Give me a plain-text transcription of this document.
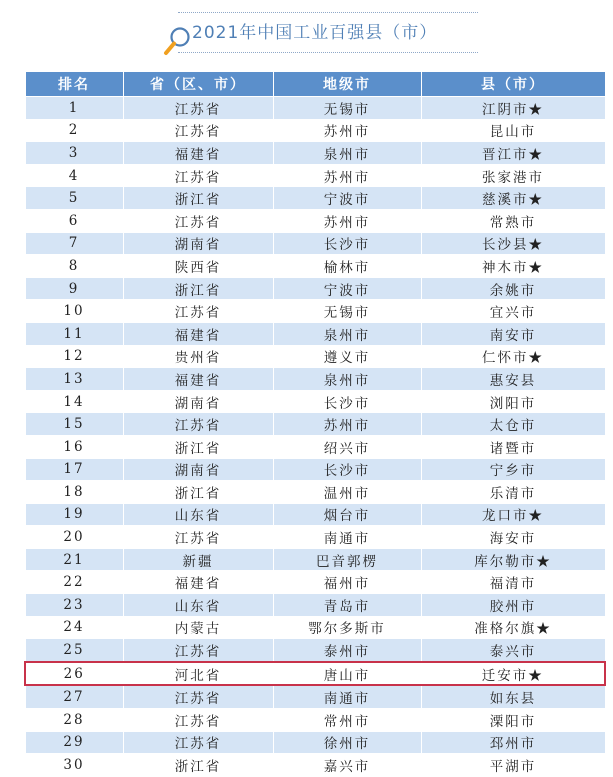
2021年中国工业百强县（市）
排名	省（区、市）	地级市	县（市）
1	江苏省	无锡市	江阴市★
2	江苏省	苏州市	昆山市
3	福建省	泉州市	晋江市★
4	江苏省	苏州市	张家港市
5	浙江省	宁波市	慈溪市★
6	江苏省	苏州市	常熟市
7	湖南省	长沙市	长沙县★
8	陕西省	榆林市	神木市★
9	浙江省	宁波市	余姚市
10	江苏省	无锡市	宜兴市
11	福建省	泉州市	南安市
12	贵州省	遵义市	仁怀市★
13	福建省	泉州市	惠安县
14	湖南省	长沙市	浏阳市
15	江苏省	苏州市	太仓市
16	浙江省	绍兴市	诸暨市
17	湖南省	长沙市	宁乡市
18	浙江省	温州市	乐清市
19	山东省	烟台市	龙口市★
20	江苏省	南通市	海安市
21	新疆	巴音郭楞	库尔勒市★
22	福建省	福州市	福清市
23	山东省	青岛市	胶州市
24	内蒙古	鄂尔多斯市	准格尔旗★
25	江苏省	泰州市	泰兴市
26	河北省	唐山市	迁安市★
27	江苏省	南通市	如东县
28	江苏省	常州市	溧阳市
29	江苏省	徐州市	邳州市
30	浙江省	嘉兴市	平湖市
